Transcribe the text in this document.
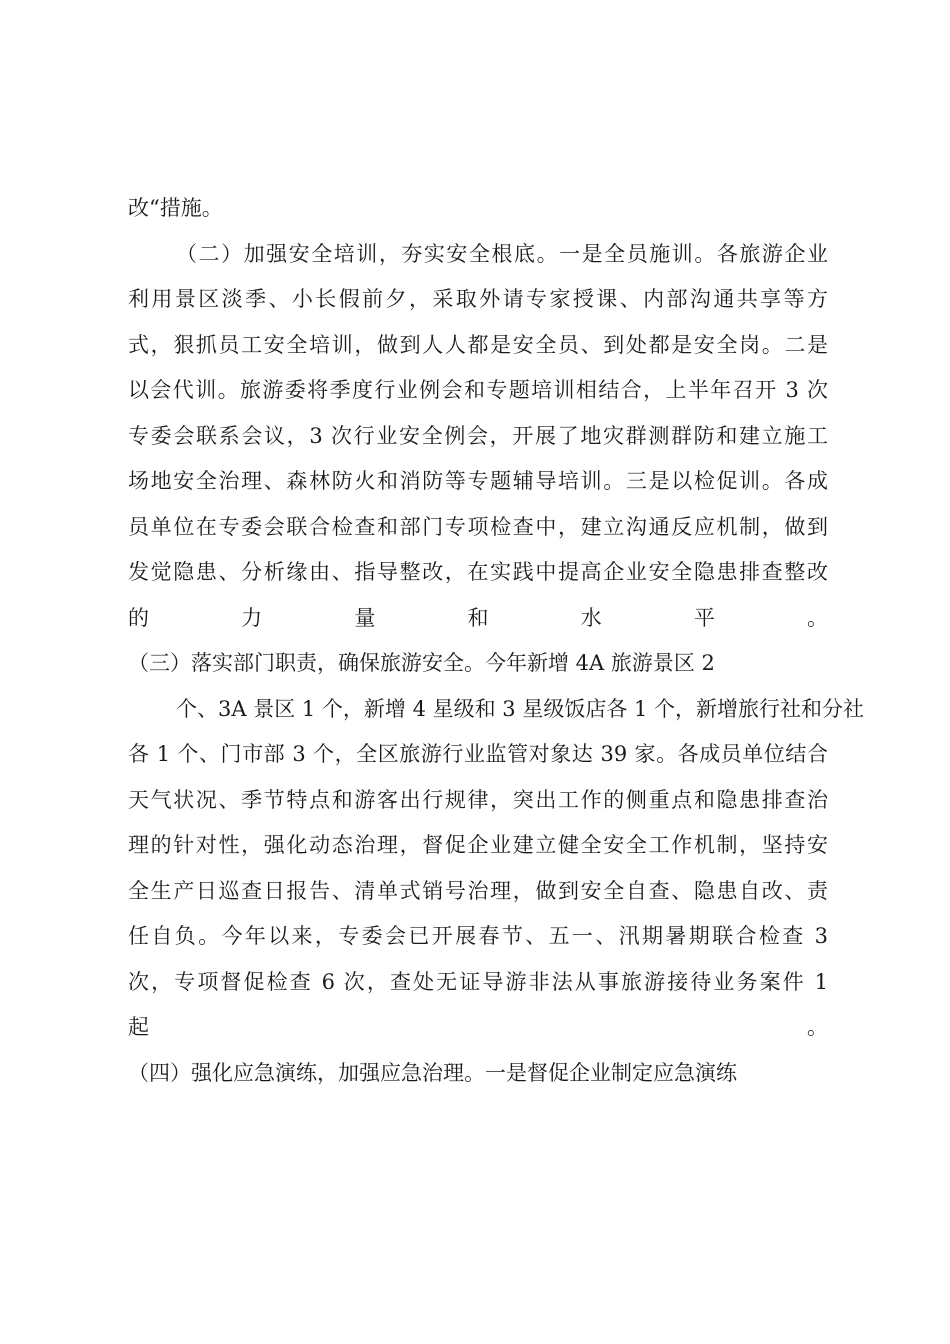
改“措施。
（二）加强安全培训，夯实安全根底。一是全员施训。各旅游企业
利用景区淡季、小长假前夕，采取外请专家授课、内部沟通共享等方
式，狠抓员工安全培训，做到人人都是安全员、到处都是安全岗。二是
以会代训。旅游委将季度行业例会和专题培训相结合，上半年召开 3 次
专委会联系会议，3 次行业安全例会，开展了地灾群测群防和建立施工
场地安全治理、森林防火和消防等专题辅导培训。三是以检促训。各成
员单位在专委会联合检查和部门专项检查中，建立沟通反应机制，做到
发觉隐患、分析缘由、指导整改，在实践中提高企业安全隐患排查整改
的力量和水平。
（三）落实部门职责，确保旅游安全。今年新增 4A 旅游景区 2
个、3A 景区 1 个，新增 4 星级和 3 星级饭店各 1 个，新增旅行社和分社
各 1 个、门市部 3 个，全区旅游行业监管对象达 39 家。各成员单位结合
天气状况、季节特点和游客出行规律，突出工作的侧重点和隐患排查治
理的针对性，强化动态治理，督促企业建立健全安全工作机制，坚持安
全生产日巡查日报告、清单式销号治理，做到安全自查、隐患自改、责
任自负。今年以来，专委会已开展春节、五一、汛期暑期联合检查 3
次，专项督促检查 6 次，查处无证导游非法从事旅游接待业务案件 1
起。
（四）强化应急演练，加强应急治理。一是督促企业制定应急演练
